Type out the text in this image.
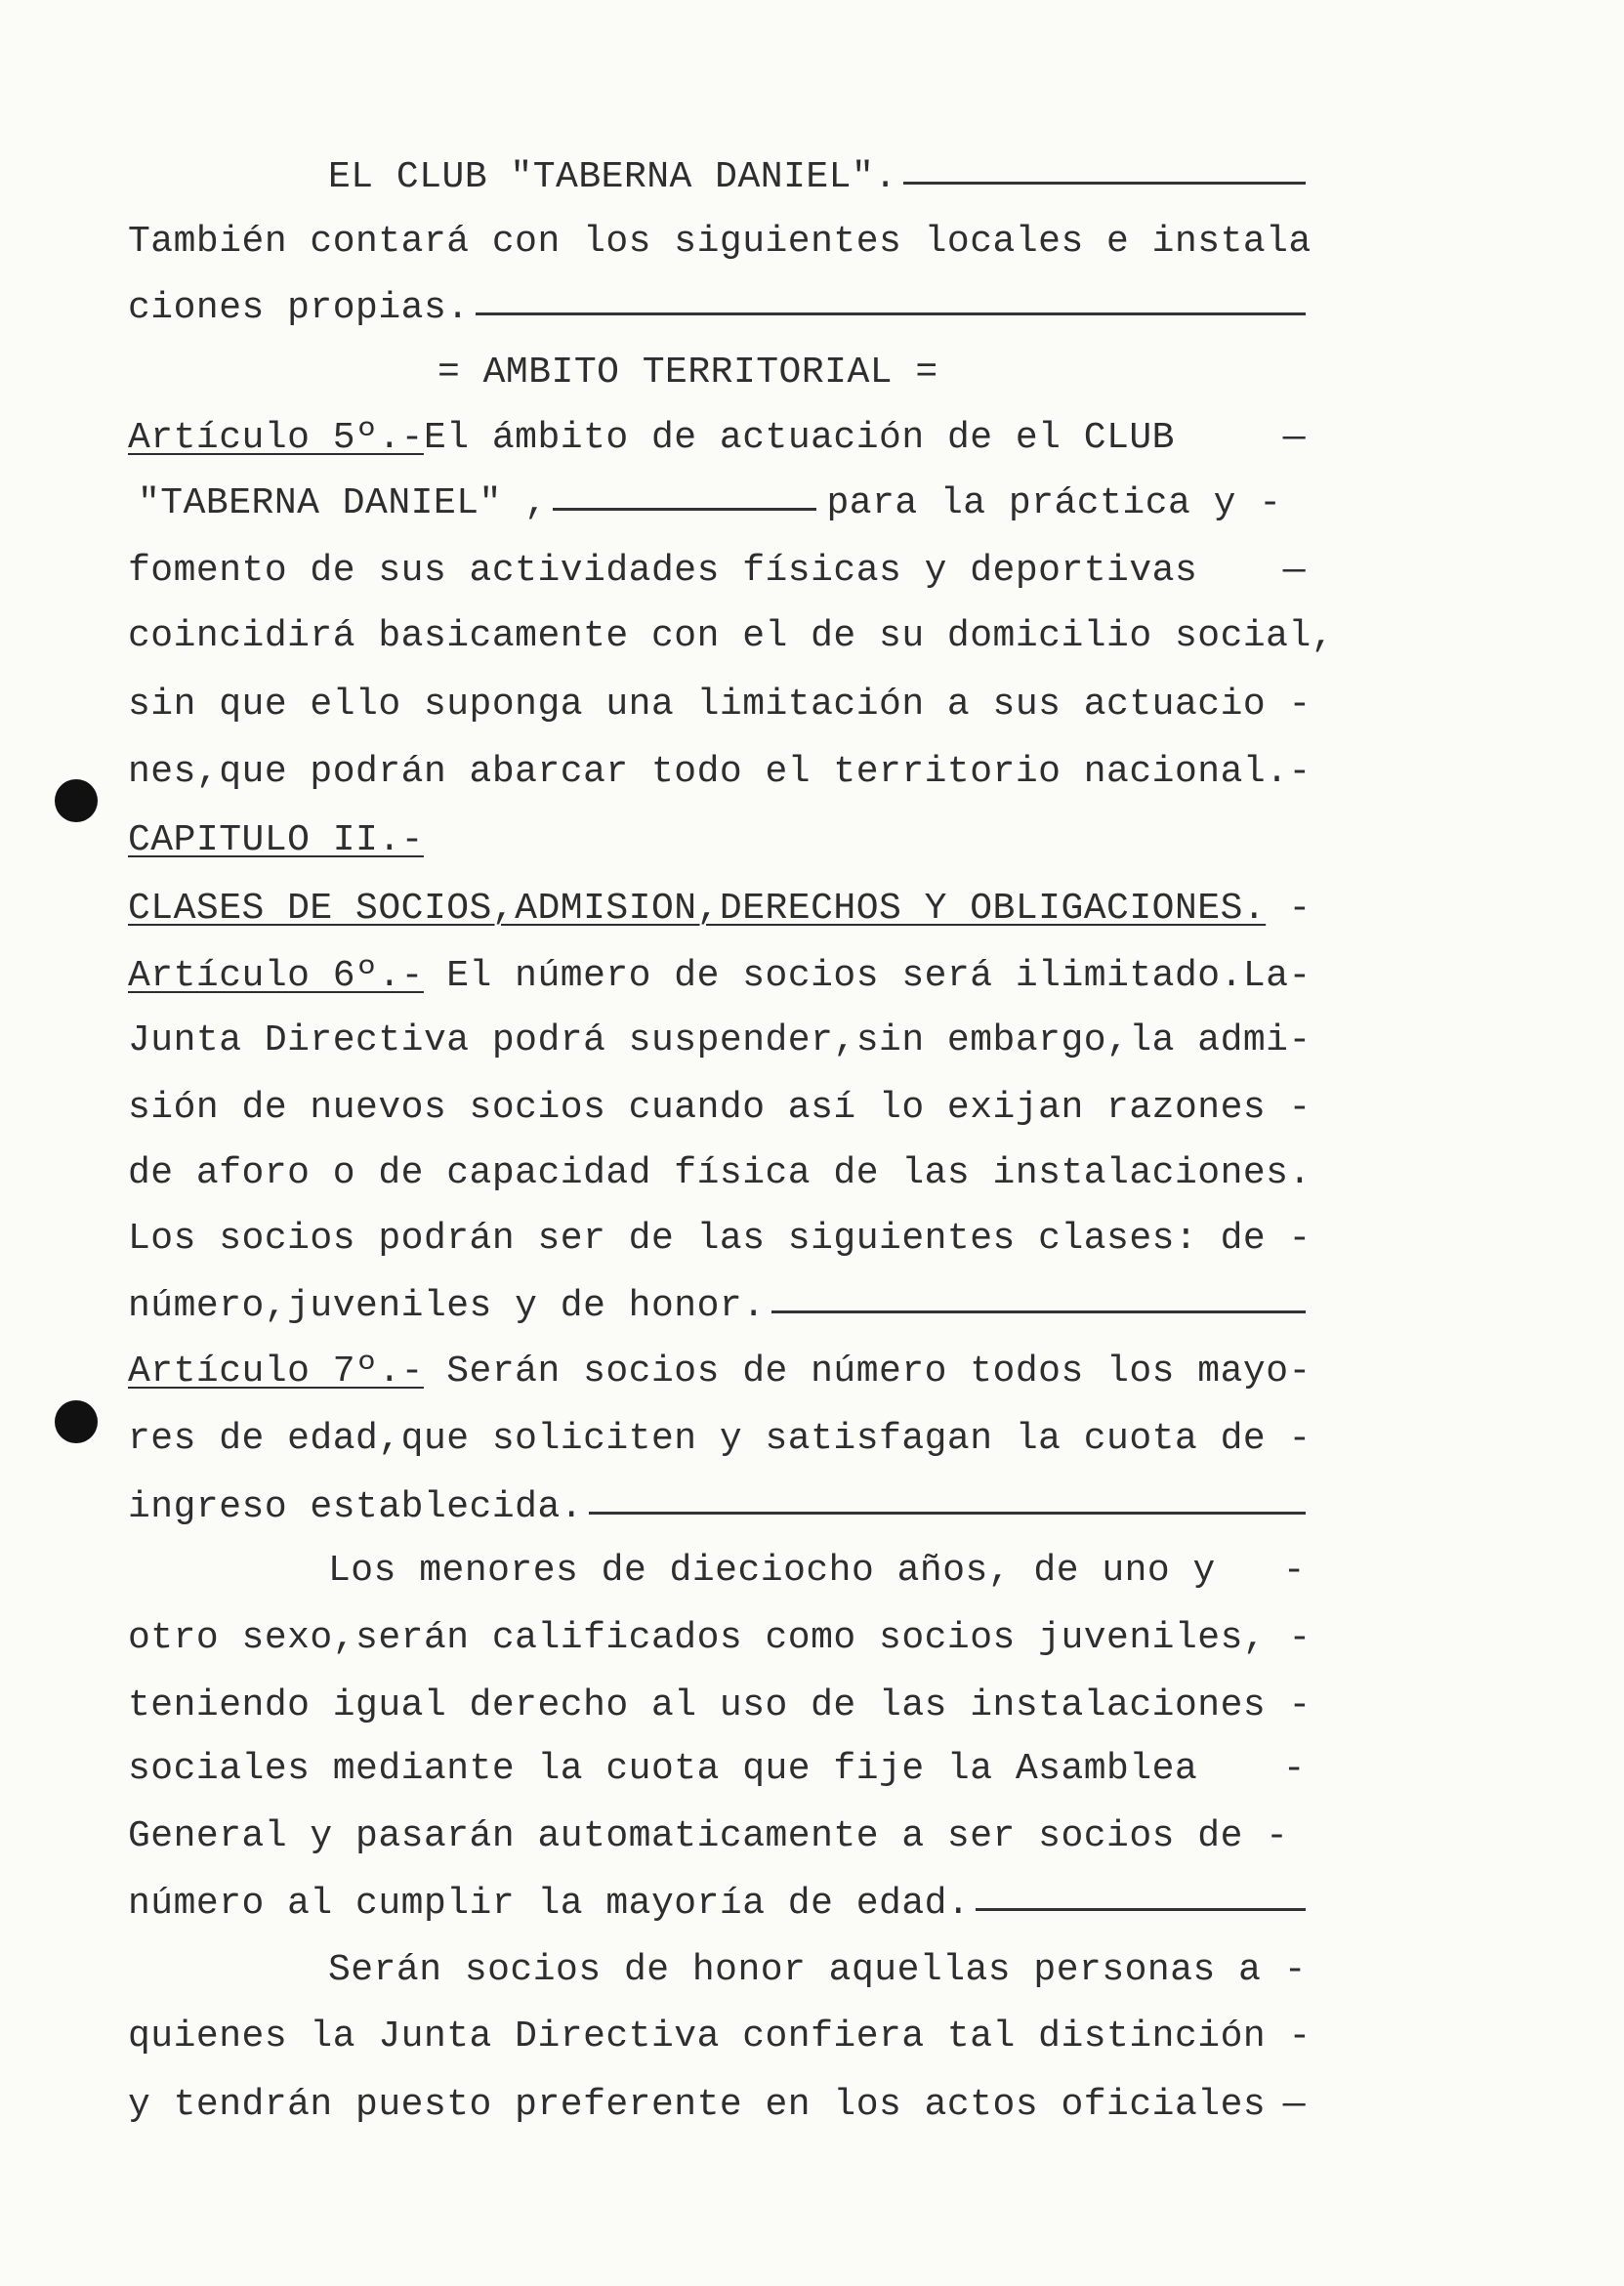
EL CLUB "TABERNA DANIEL".
También contará con los siguientes locales e instala
ciones propias.
= AMBITO TERRITORIAL =
Artículo 5º.- El ámbito de actuación de el CLUB	—
"TABERNA DANIEL" ,	para la práctica y -
fomento de sus actividades físicas y deportivas —
coincidirá basicamente con el de su domicilio social,
sin que ello suponga una limitación a sus actuacio -
nes,que podrán abarcar todo el territorio nacional.-
CAPITULO II.-
CLASES DE SOCIOS,ADMISION,DERECHOS Y OBLIGACIONES. -
Artículo 6º.- El número de socios será ilimitado.La-
Junta Directiva podrá suspender,sin embargo,la admi-
sión de nuevos socios cuando así lo exijan razones -
de aforo o de capacidad física de las instalaciones.
Los socios podrán ser de las siguientes clases: de -
número,juveniles y de honor.
Artículo 7º.- Serán socios de número todos los mayo-
res de edad,que soliciten y satisfagan la cuota de -
ingreso establecida.
Los menores de dieciocho años, de uno y -
otro sexo,serán calificados como socios juveniles, -
teniendo igual derecho al uso de las instalaciones -
sociales mediante la cuota que fije la Asamblea -
General y pasarán automaticamente a ser socios de -
número al cumplir la mayoría de edad.
Serán socios de honor aquellas personas a -
quienes la Junta Directiva confiera tal distinción -
y tendrán puesto preferente en los actos oficiales —
